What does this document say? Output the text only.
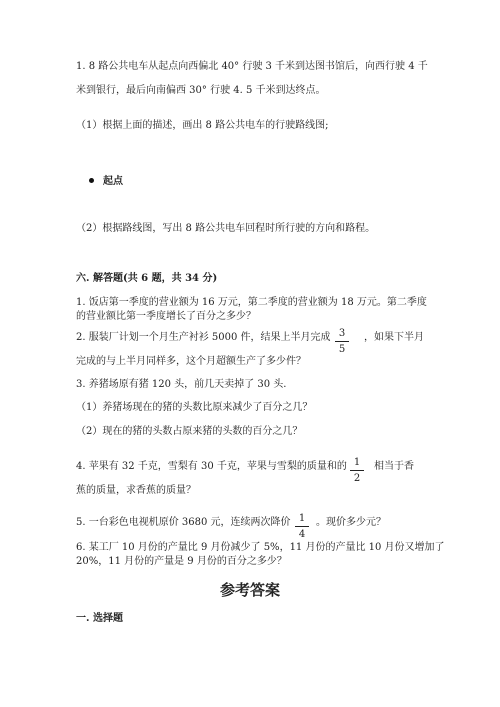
1. 8 路公共电车从起点向西偏北 40° 行驶 3 千米到达图书馆后，向西行驶 4 千
米到银行，最后向南偏西 30° 行驶 4. 5 千米到达终点。
（1）根据上面的描述，画出 8 路公共电车的行驶路线图;
起点
（2）根据路线图，写出 8 路公共电车回程时所行驶的方向和路程。
六. 解答题(共 6 题，共 34 分)
1. 饭店第一季度的营业额为 16 万元，第二季度的营业额为 18 万元。第二季度
的营业额比第一季度增长了百分之多少？
2. 服装厂计划一个月生产衬衫 5000 件，结果上半月完成 $\frac{3}{5}$ ，如果下半月
完成的与上半月同样多，这个月超额生产了多少件？
3. 养猪场原有猪 120 头，前几天卖掉了 30 头.
（1）养猪场现在的猪的头数比原来减少了百分之几？
（2）现在的猪的头数占原来猪的头数的百分之几？
4. 苹果有 32 千克，雪梨有 30 千克，苹果与雪梨的质量和的 $\frac{1}{2}$ 相当于香
蕉的质量，求香蕉的质量？
5. 一台彩色电视机原价 3680 元，连续两次降价 $\frac{1}{4}$ 。现价多少元？
6. 某工厂 10 月份的产量比 9 月份减少了 5%，11 月份的产量比 10 月份又增加了
20%，11 月份的产量是 9 月份的百分之多少？
参考答案
一. 选择题
